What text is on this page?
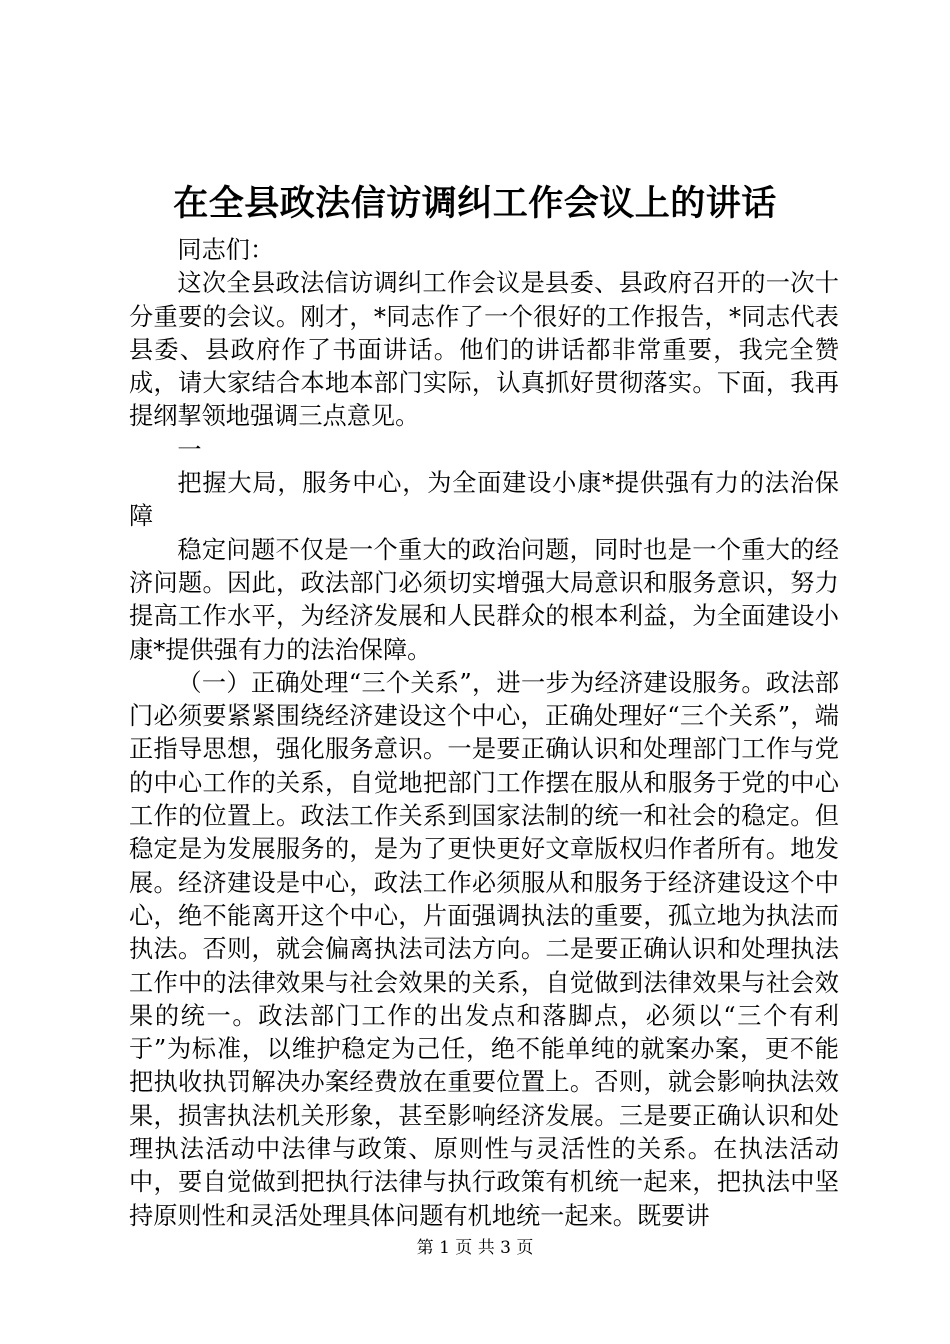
在全县政法信访调纠工作会议上的讲话

同志们：

这次全县政法信访调纠工作会议是县委、县政府召开的一次十分重要的会议。刚才，*同志作了一个很好的工作报告，*同志代表县委、县政府作了书面讲话。他们的讲话都非常重要，我完全赞成，请大家结合本地本部门实际，认真抓好贯彻落实。下面，我再提纲挈领地强调三点意见。

一

把握大局，服务中心，为全面建设小康*提供强有力的法治保障

稳定问题不仅是一个重大的政治问题，同时也是一个重大的经济问题。因此，政法部门必须切实增强大局意识和服务意识，努力提高工作水平，为经济发展和人民群众的根本利益，为全面建设小康*提供强有力的法治保障。

（一）正确处理“三个关系”，进一步为经济建设服务。政法部门必须要紧紧围绕经济建设这个中心，正确处理好“三个关系”，端正指导思想，强化服务意识。一是要正确认识和处理部门工作与党的中心工作的关系，自觉地把部门工作摆在服从和服务于党的中心工作的位置上。政法工作关系到国家法制的统一和社会的稳定。但稳定是为发展服务的，是为了更快更好文章版权归作者所有。地发展。经济建设是中心，政法工作必须服从和服务于经济建设这个中心，绝不能离开这个中心，片面强调执法的重要，孤立地为执法而执法。否则，就会偏离执法司法方向。二是要正确认识和处理执法工作中的法律效果与社会效果的关系，自觉做到法律效果与社会效果的统一。政法部门工作的出发点和落脚点，必须以“三个有利于”为标准，以维护稳定为己任，绝不能单纯的就案办案，更不能把执收执罚解决办案经费放在重要位置上。否则，就会影响执法效果，损害执法机关形象，甚至影响经济发展。三是要正确认识和处理执法活动中法律与政策、原则性与灵活性的关系。在执法活动中，要自觉做到把执行法律与执行政策有机统一起来，把执法中坚持原则性和灵活处理具体问题有机地统一起来。既要讲

第 1 页 共 3 页
